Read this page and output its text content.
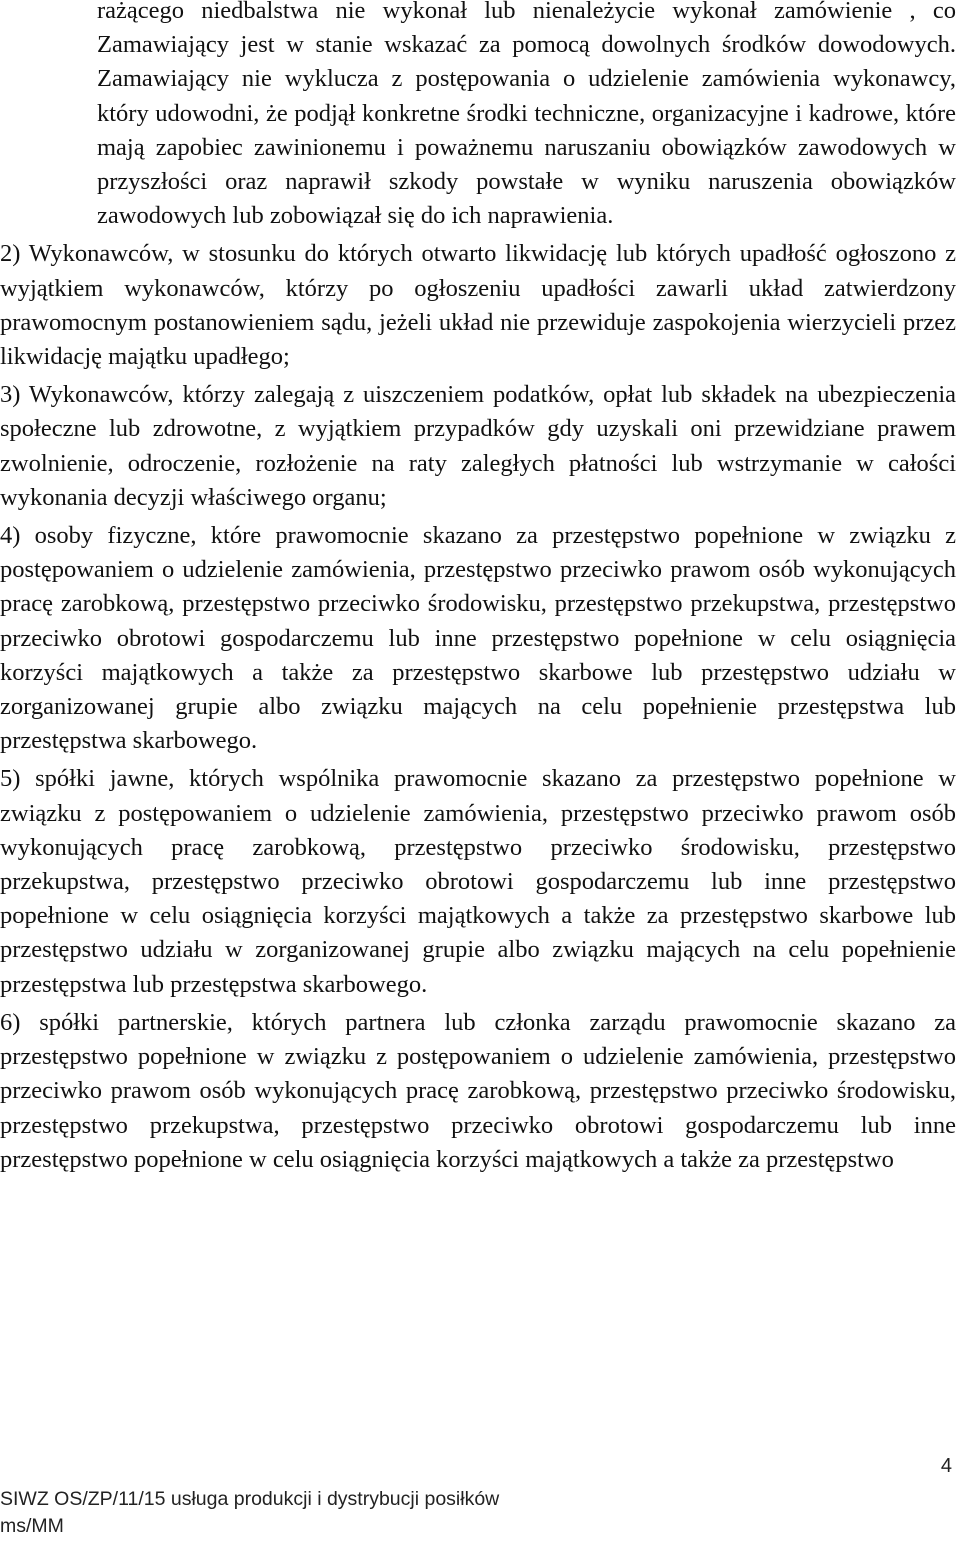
rażącego niedbalstwa nie wykonał lub nienależycie wykonał zamówienie , co Zamawiający jest w stanie wskazać za pomocą dowolnych środków dowodowych. Zamawiający nie wyklucza z postępowania o udzielenie zamówienia wykonawcy, który udowodni, że podjął konkretne środki techniczne, organizacyjne i kadrowe, które mają zapobiec zawinionemu i poważnemu naruszaniu obowiązków zawodowych w przyszłości oraz naprawił szkody powstałe w wyniku naruszenia obowiązków zawodowych lub zobowiązał się do ich naprawienia.

2) Wykonawców, w stosunku do których otwarto likwidację lub których upadłość ogłoszono z wyjątkiem wykonawców, którzy po ogłoszeniu upadłości zawarli układ zatwierdzony prawomocnym postanowieniem sądu, jeżeli układ nie przewiduje zaspokojenia wierzycieli przez likwidację majątku upadłego;

3) Wykonawców, którzy zalegają z uiszczeniem podatków, opłat lub składek na ubezpieczenia społeczne lub zdrowotne, z wyjątkiem przypadków gdy uzyskali oni przewidziane prawem zwolnienie, odroczenie, rozłożenie na raty zaległych płatności lub wstrzymanie w całości wykonania decyzji właściwego organu;

4) osoby fizyczne, które prawomocnie skazano za przestępstwo popełnione w związku z postępowaniem o udzielenie zamówienia, przestępstwo przeciwko prawom osób wykonujących pracę zarobkową, przestępstwo przeciwko środowisku, przestępstwo przekupstwa, przestępstwo przeciwko obrotowi gospodarczemu lub inne przestępstwo popełnione w celu osiągnięcia korzyści majątkowych a także za przestępstwo skarbowe lub przestępstwo udziału w zorganizowanej grupie albo związku mających na celu popełnienie przestępstwa lub przestępstwa skarbowego.

5) spółki jawne, których wspólnika prawomocnie skazano za przestępstwo popełnione w związku z postępowaniem o udzielenie zamówienia, przestępstwo przeciwko prawom osób wykonujących pracę zarobkową, przestępstwo przeciwko środowisku, przestępstwo przekupstwa, przestępstwo przeciwko obrotowi gospodarczemu lub inne przestępstwo popełnione w celu osiągnięcia korzyści majątkowych a także za przestępstwo skarbowe lub przestępstwo udziału w zorganizowanej grupie albo związku mających na celu popełnienie przestępstwa lub przestępstwa skarbowego.

6) spółki partnerskie, których partnera lub członka zarządu prawomocnie skazano za przestępstwo popełnione w związku z postępowaniem o udzielenie zamówienia, przestępstwo przeciwko prawom osób wykonujących pracę zarobkową, przestępstwo przeciwko środowisku, przestępstwo przekupstwa, przestępstwo przeciwko obrotowi gospodarczemu lub inne przestępstwo popełnione w celu osiągnięcia korzyści majątkowych a także za przestępstwo

4
SIWZ OS/ZP/11/15 usługa produkcji i dystrybucji posiłków
ms/MM
